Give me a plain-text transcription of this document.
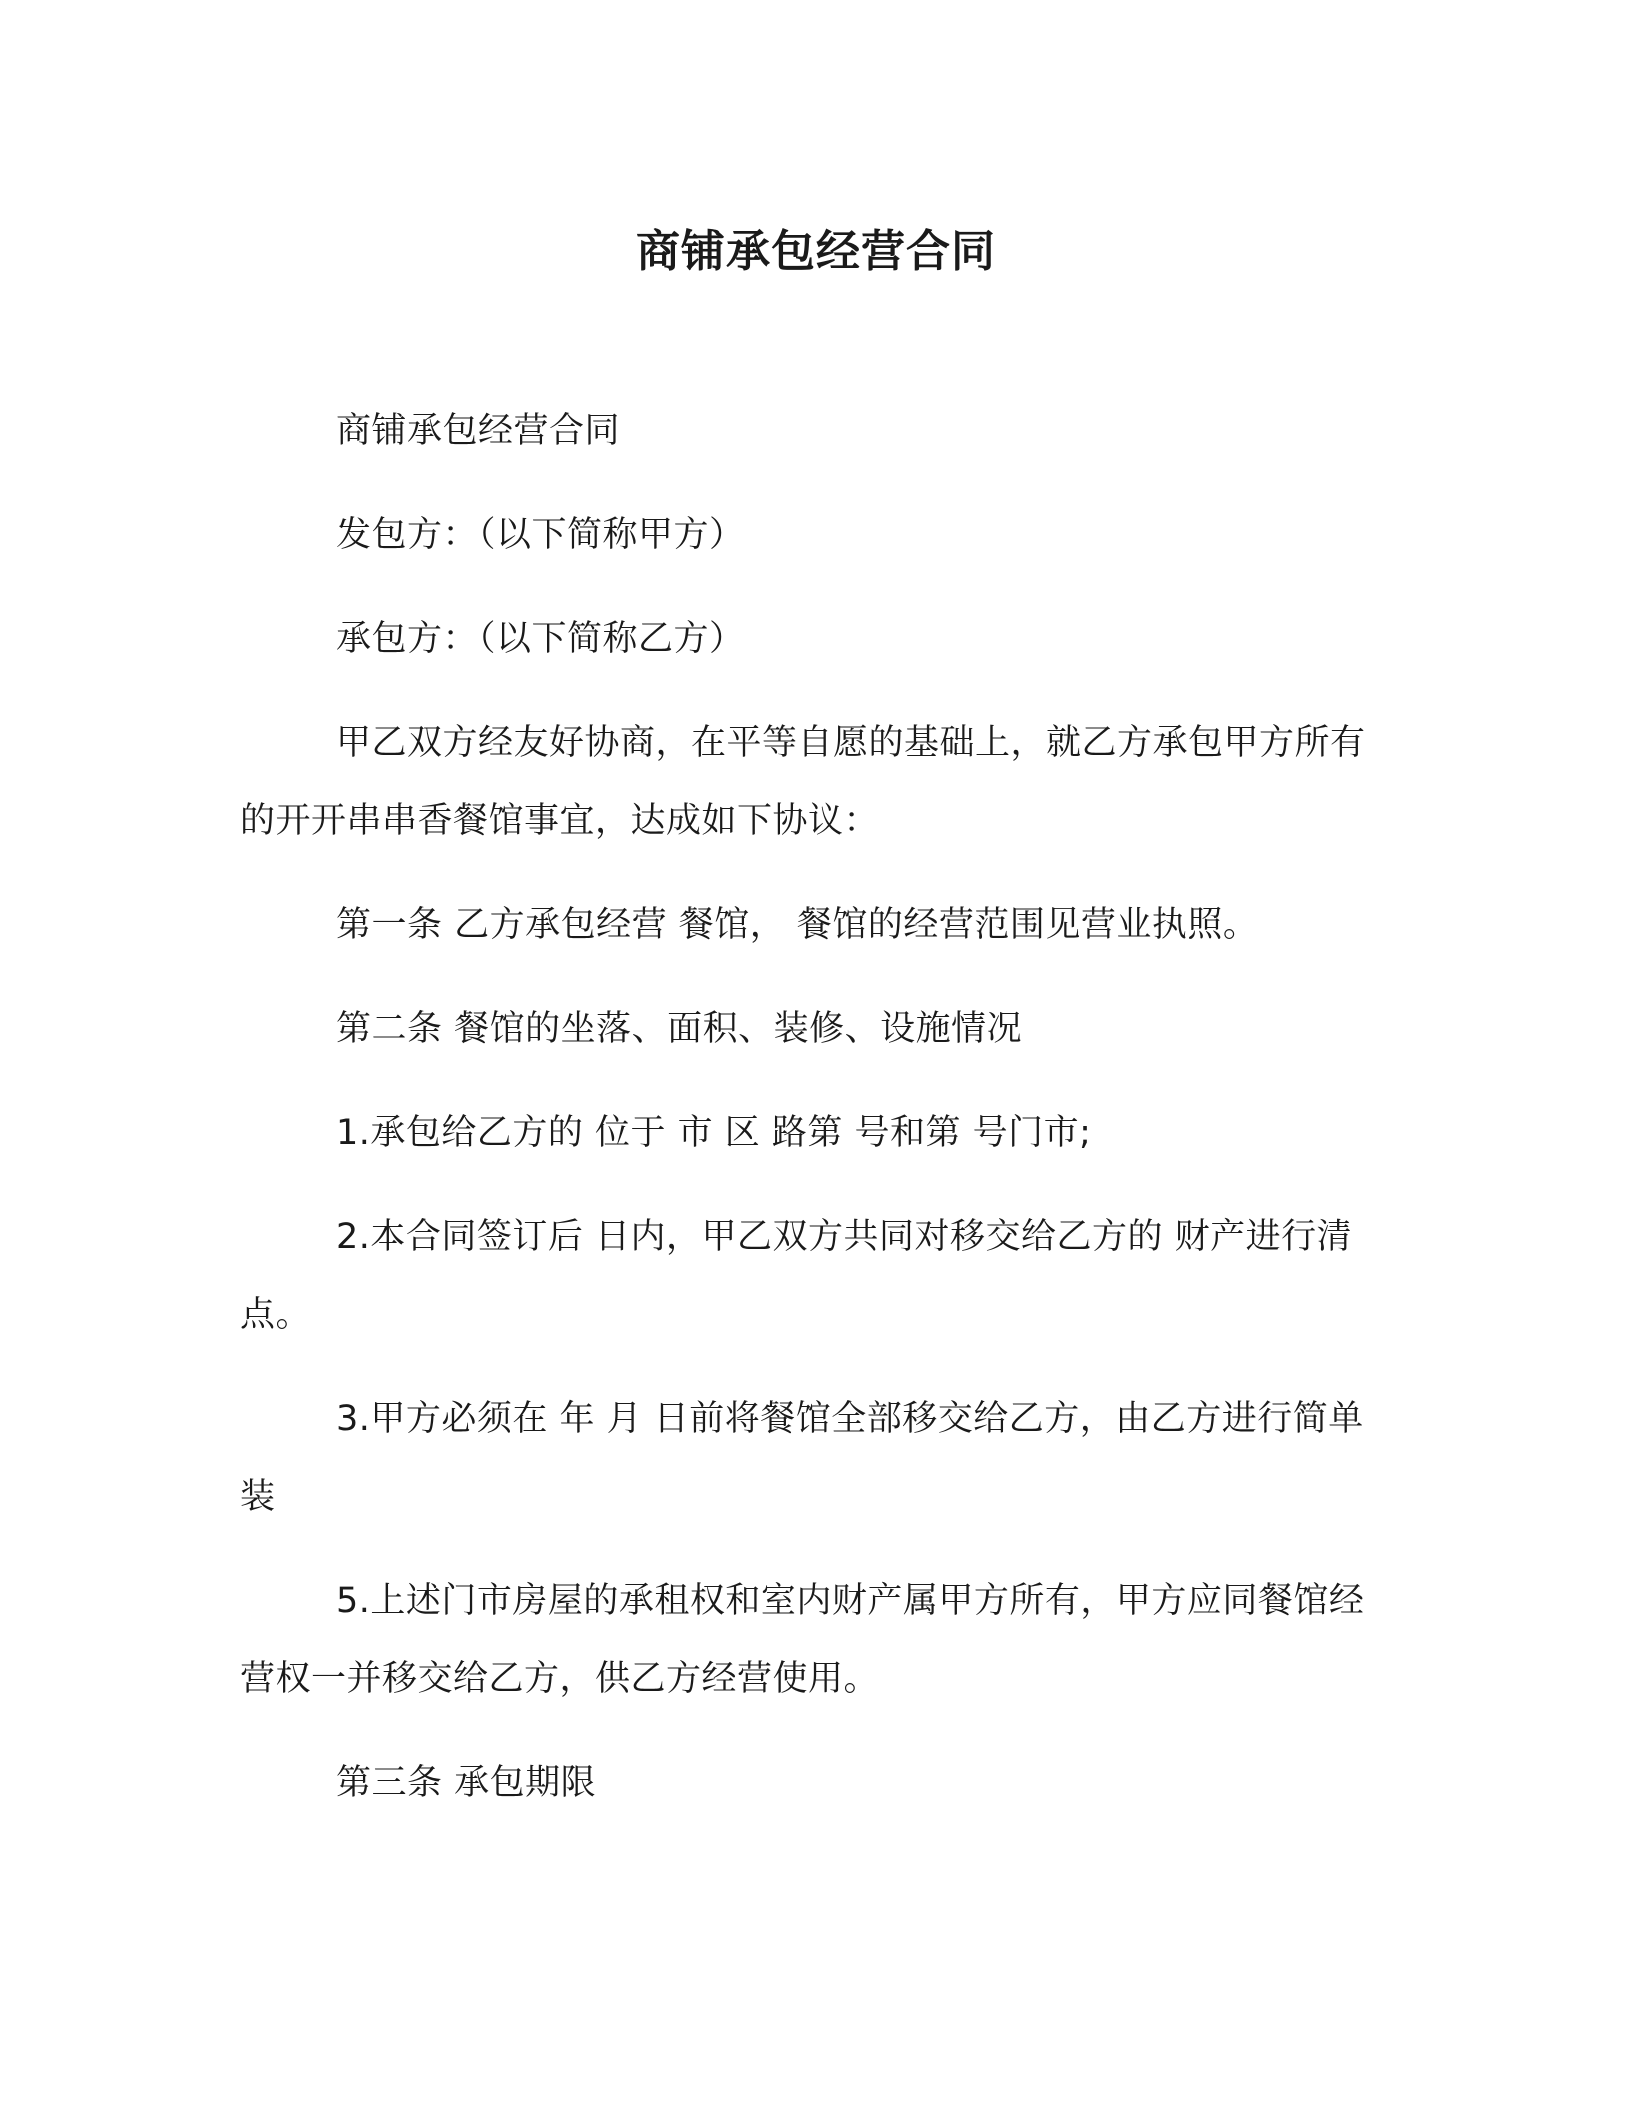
商铺承包经营合同

商铺承包经营合同

发包方：（以下简称甲方）

承包方：（以下简称乙方）

甲乙双方经友好协商，在平等自愿的基础上，就乙方承包甲方所有的开开串串香餐馆事宜，达成如下协议：

第一条 乙方承包经营 餐馆， 餐馆的经营范围见营业执照。

第二条 餐馆的坐落、面积、装修、设施情况

1.承包给乙方的 位于 市 区 路第 号和第 号门市;

2.本合同签订后 日内，甲乙双方共同对移交给乙方的 财产进行清点。

3.甲方必须在 年 月 日前将餐馆全部移交给乙方，由乙方进行简单装

5.上述门市房屋的承租权和室内财产属甲方所有，甲方应同餐馆经营权一并移交给乙方，供乙方经营使用。

第三条 承包期限
